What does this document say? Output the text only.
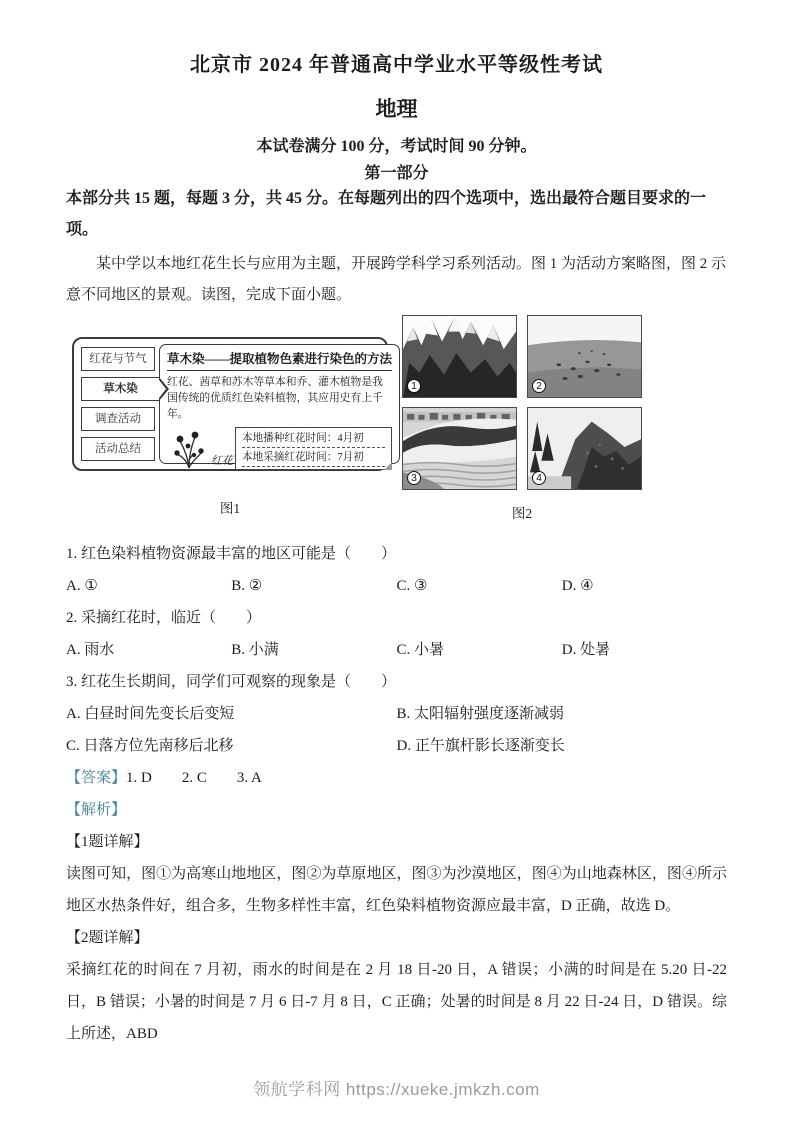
北京市 2024 年普通高中学业水平等级性考试
地理

本试卷满分 100 分，考试时间 90 分钟。

第一部分

本部分共 15 题，每题 3 分，共 45 分。在每题列出的四个选项中，选出最符合题目要求的一项。

某中学以本地红花生长与应用为主题，开展跨学科学习系列活动。图 1 为活动方案略图，图 2 示意不同地区的景观。读图，完成下面小题。

红花与节气
草木染
调查活动
活动总结
草木染——提取植物色素进行染色的方法
红花、茜草和苏木等草本和乔、灌木植物是我国传统的优质红色染料植物，其应用史有上千年。
红花
本地播种红花时间：4月初
本地采摘红花时间：7月初
图1
1	2
3	4
图2

1. 红色染料植物资源最丰富的地区可能是（　　）

A. ①	B. ②	C. ③	D. ④

2. 采摘红花时，临近（　　）

A. 雨水	B. 小满	C. 小暑	D. 处暑

3. 红花生长期间，同学们可观察的现象是（　　）

A. 白昼时间先变长后变短	B. 太阳辐射强度逐渐减弱
C. 日落方位先南移后北移	D. 正午旗杆影长逐渐变长

【答案】1. D　　2. C　　3. A

【解析】

【1题详解】

读图可知，图①为高寒山地地区，图②为草原地区，图③为沙漠地区，图④为山地森林区，图④所示地区水热条件好，组合多，生物多样性丰富，红色染料植物资源应最丰富，D 正确，故选 D。

【2题详解】

采摘红花的时间在 7 月初，雨水的时间是在 2 月 18 日-20 日，A 错误；小满的时间是在 5.20 日-22 日，B 错误；小暑的时间是 7 月 6 日-7 月 8 日，C 正确；处暑的时间是 8 月 22 日-24 日，D 错误。综上所述，ABD

领航学科网 https://xueke.jmkzh.com
